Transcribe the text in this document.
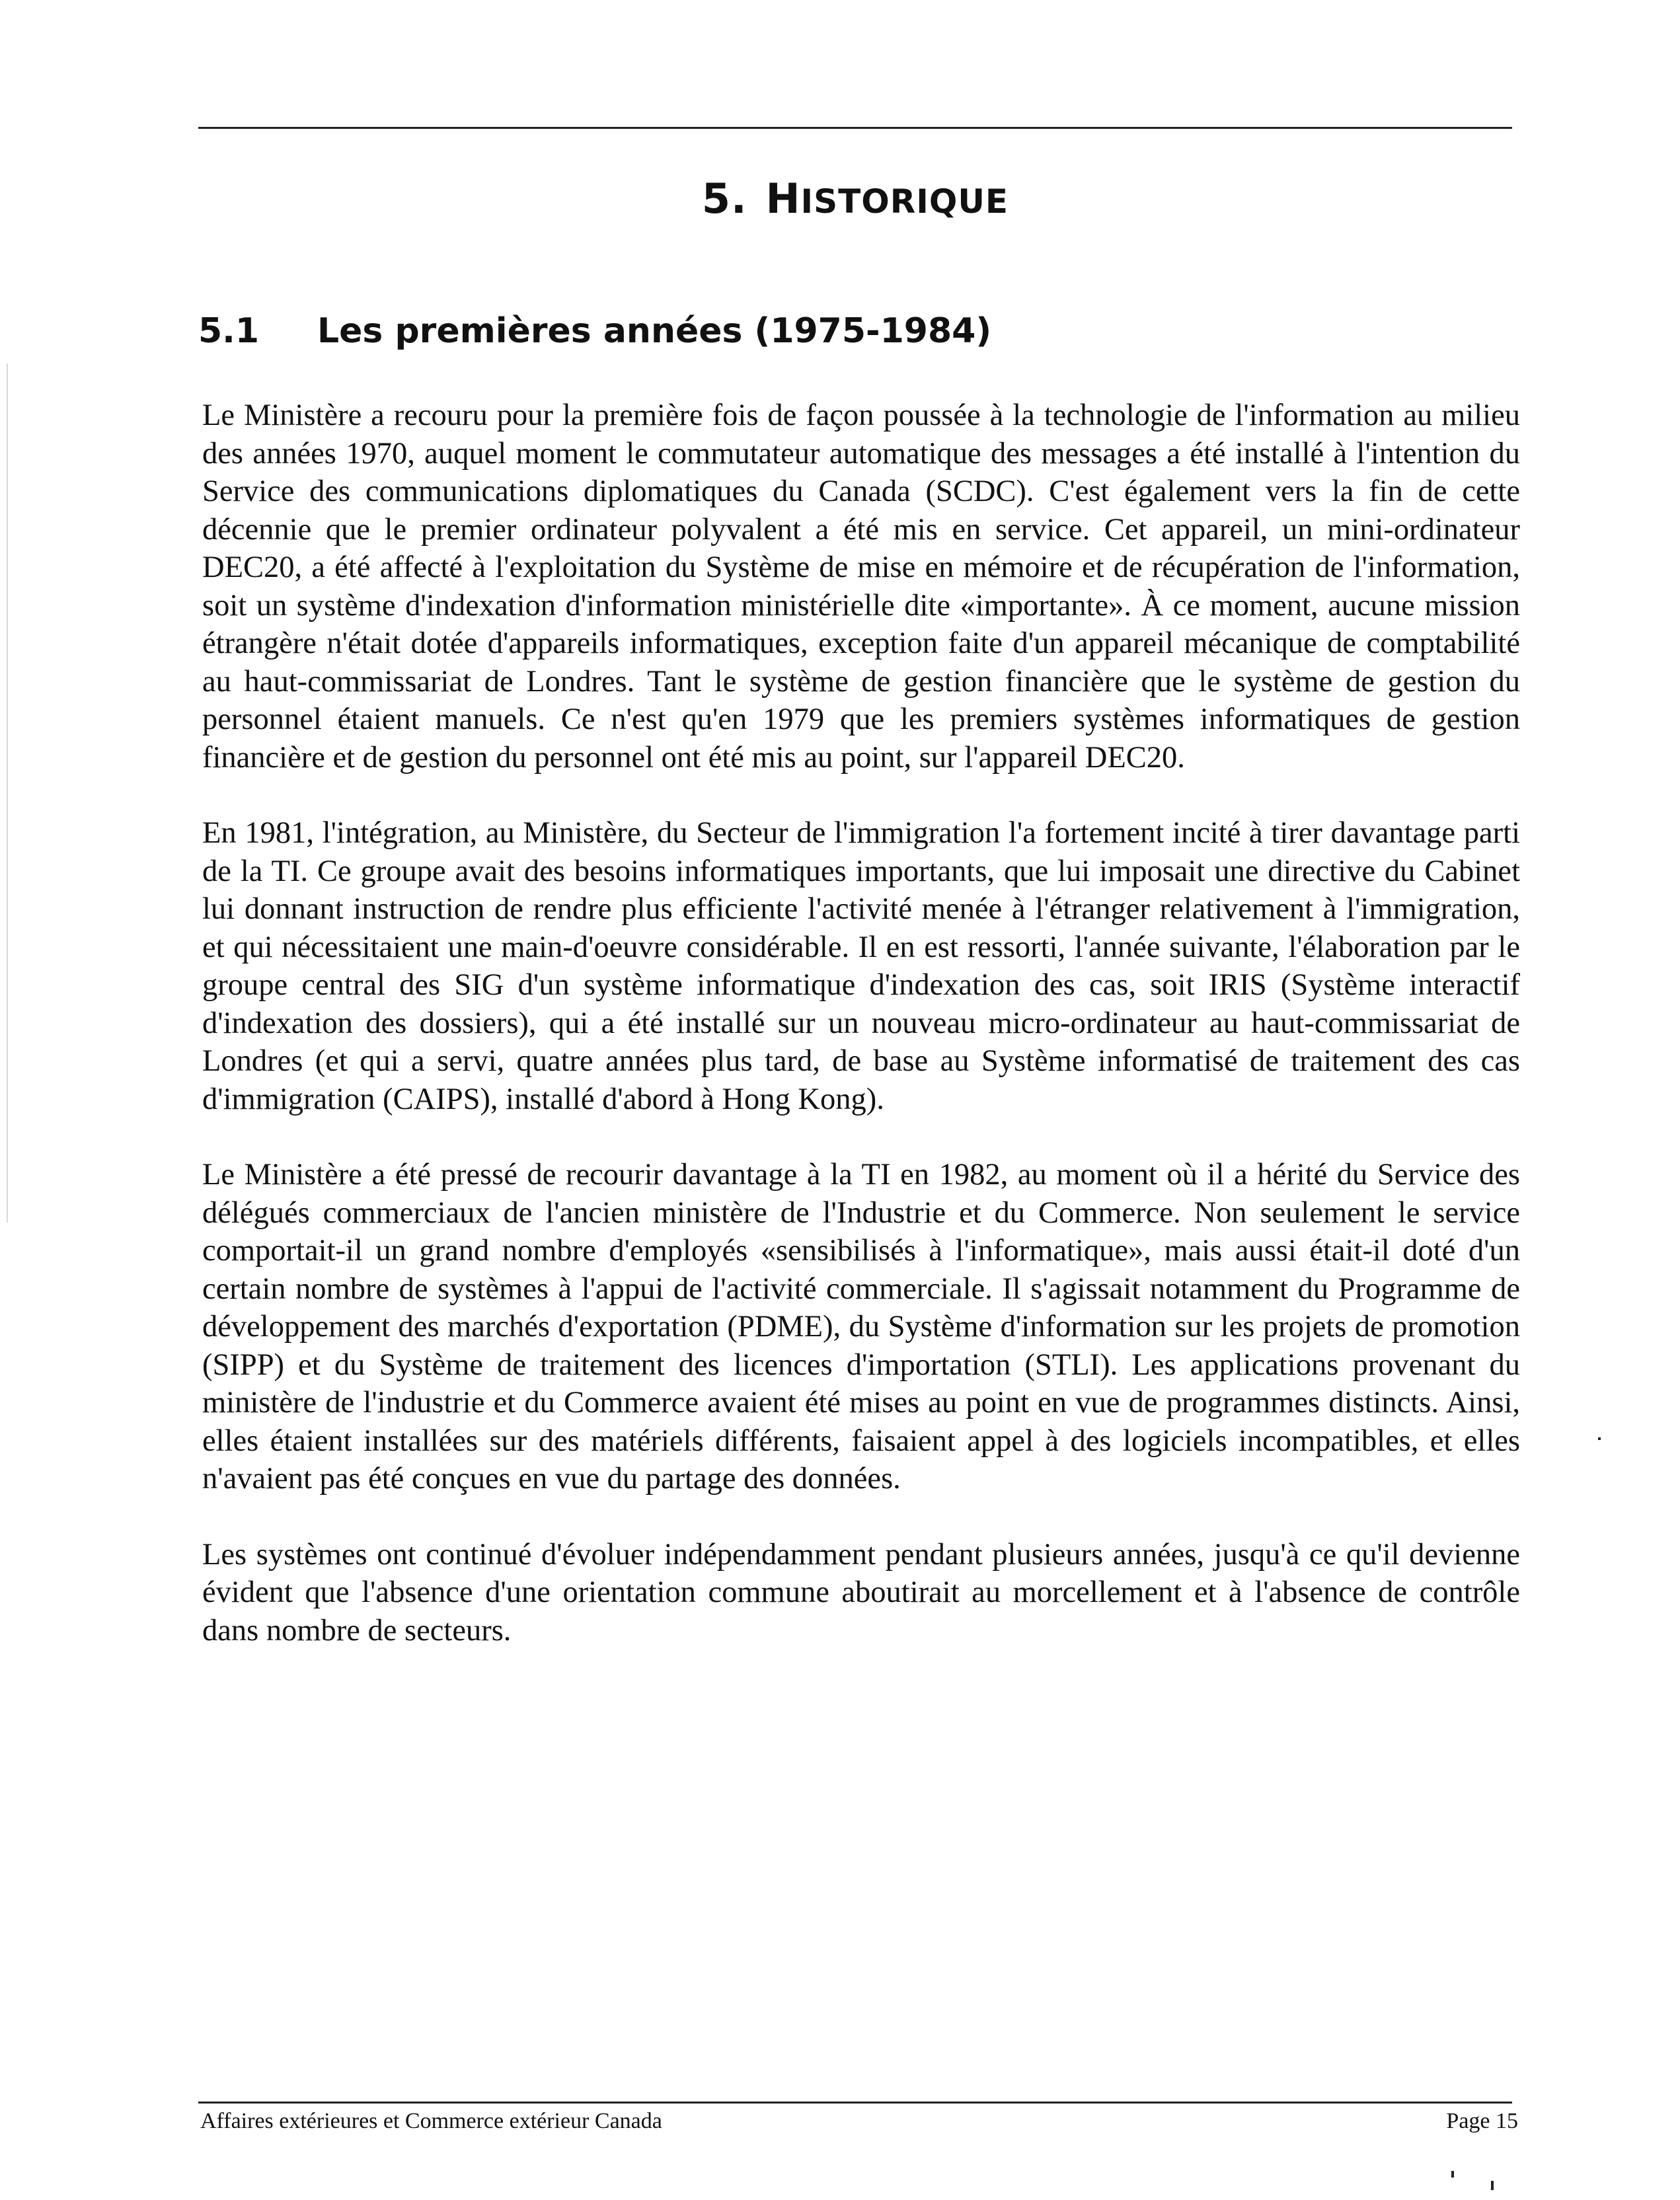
5. HISTORIQUE
5.1 Les premières années (1975-1984)

Le Ministère a recouru pour la première fois de façon poussée à la technologie de l'information au milieu des années 1970, auquel moment le commutateur automatique des messages a été installé à l'intention du Service des communications diplomatiques du Canada (SCDC). C'est également vers la fin de cette décennie que le premier ordinateur polyvalent a été mis en service. Cet appareil, un mini-ordinateur DEC20, a été affecté à l'exploitation du Système de mise en mémoire et de récupération de l'information, soit un système d'indexation d'information ministérielle dite «importante». À ce moment, aucune mission étrangère n'était dotée d'appareils informatiques, exception faite d'un appareil mécanique de comptabilité au haut-commissariat de Londres. Tant le système de gestion financière que le système de gestion du personnel étaient manuels. Ce n'est qu'en 1979 que les premiers systèmes informatiques de gestion financière et de gestion du personnel ont été mis au point, sur l'appareil DEC20.

En 1981, l'intégration, au Ministère, du Secteur de l'immigration l'a fortement incité à tirer davantage parti de la TI. Ce groupe avait des besoins informatiques importants, que lui imposait une directive du Cabinet lui donnant instruction de rendre plus efficiente l'activité menée à l'étranger relativement à l'immigration, et qui nécessitaient une main-d'oeuvre considérable. Il en est ressorti, l'année suivante, l'élaboration par le groupe central des SIG d'un système informatique d'indexation des cas, soit IRIS (Système interactif d'indexation des dossiers), qui a été installé sur un nouveau micro-ordinateur au haut-commissariat de Londres (et qui a servi, quatre années plus tard, de base au Système informatisé de traitement des cas d'immigration (CAIPS), installé d'abord à Hong Kong).

Le Ministère a été pressé de recourir davantage à la TI en 1982, au moment où il a hérité du Service des délégués commerciaux de l'ancien ministère de l'Industrie et du Commerce. Non seulement le service comportait-il un grand nombre d'employés «sensibilisés à l'informatique», mais aussi était-il doté d'un certain nombre de systèmes à l'appui de l'activité commerciale. Il s'agissait notamment du Programme de développement des marchés d'exportation (PDME), du Système d'information sur les projets de promotion (SIPP) et du Système de traitement des licences d'importation (STLI). Les applications provenant du ministère de l'industrie et du Commerce avaient été mises au point en vue de programmes distincts. Ainsi, elles étaient installées sur des matériels différents, faisaient appel à des logiciels incompatibles, et elles n'avaient pas été conçues en vue du partage des données.

Les systèmes ont continué d'évoluer indépendamment pendant plusieurs années, jusqu'à ce qu'il devienne évident que l'absence d'une orientation commune aboutirait au morcellement et à l'absence de contrôle dans nombre de secteurs.

Affaires extérieures et Commerce extérieur Canada	Page 15
